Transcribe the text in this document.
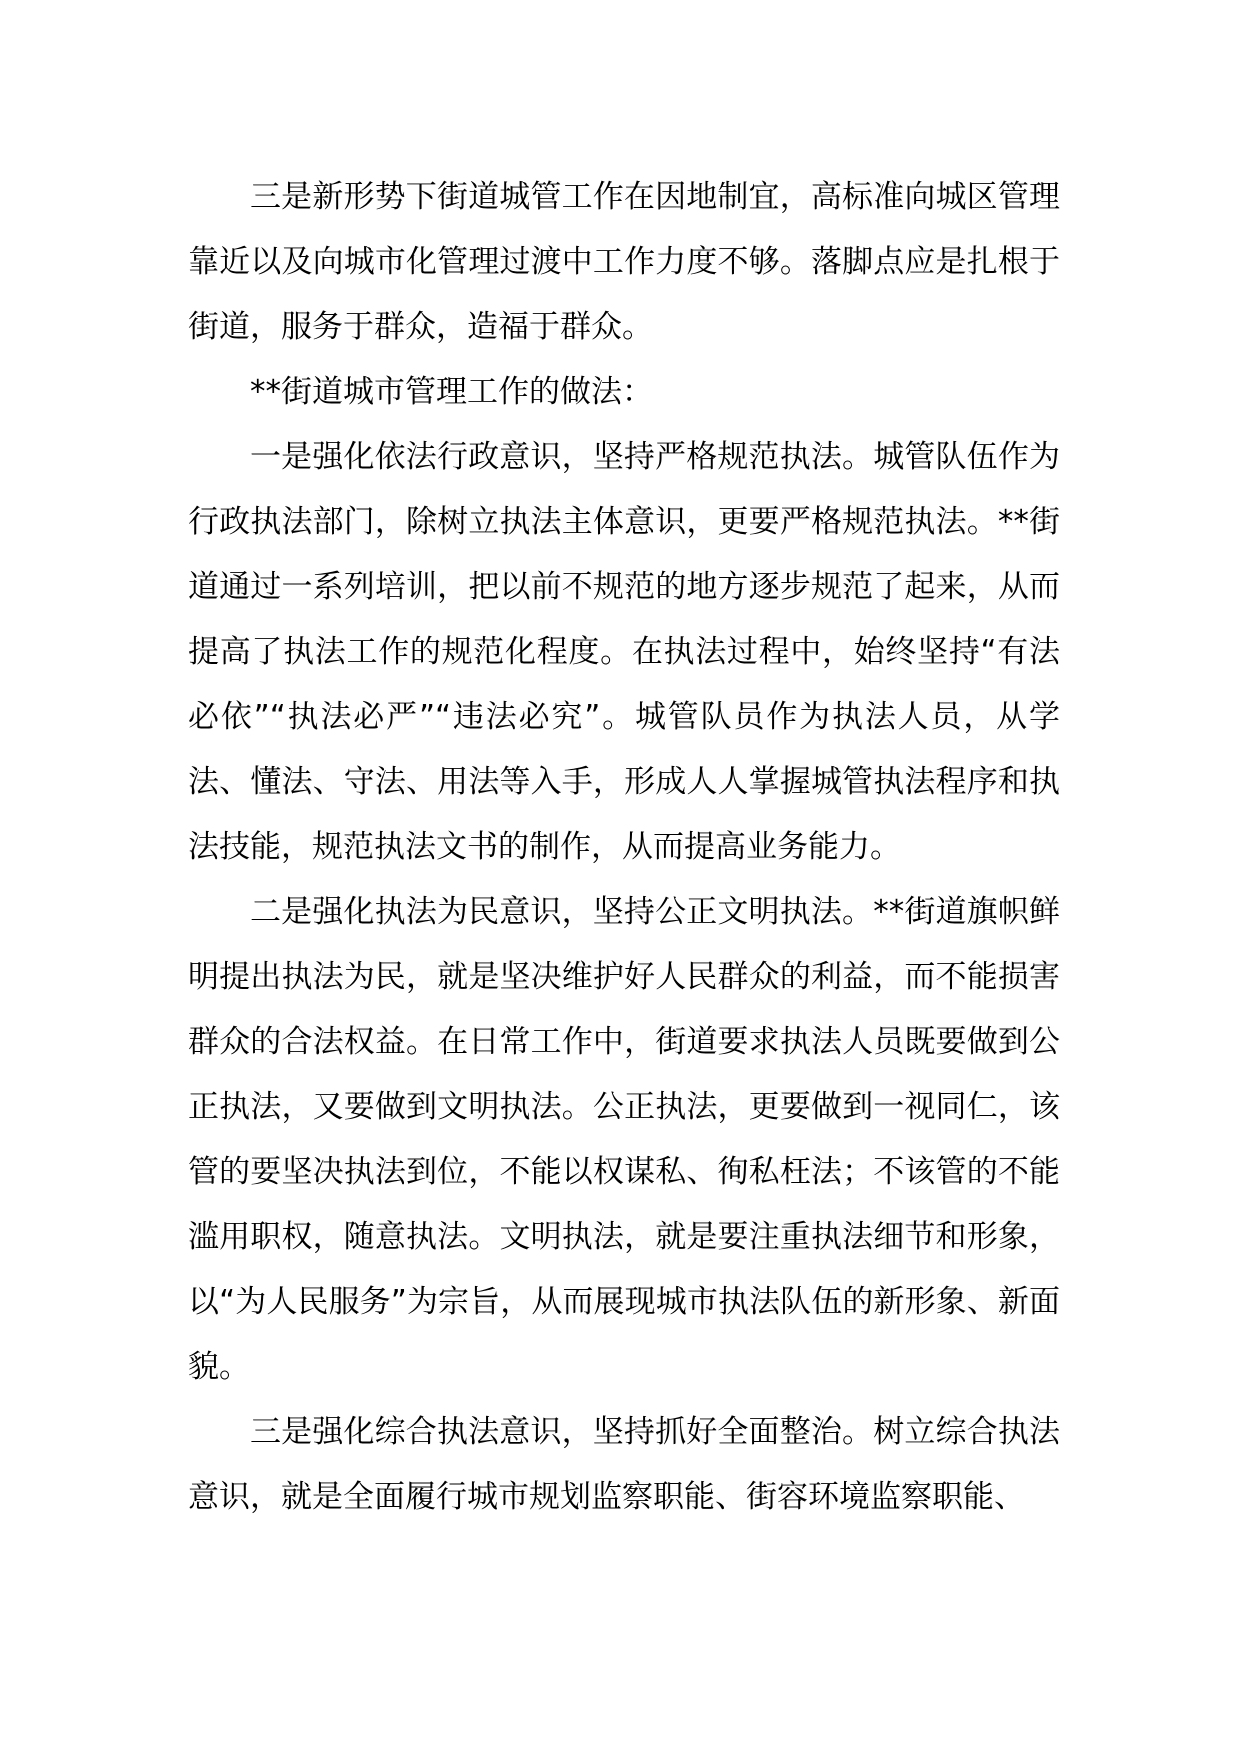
三是新形势下街道城管工作在因地制宜，高标准向城区管理靠近以及向城市化管理过渡中工作力度不够。落脚点应是扎根于街道，服务于群众，造福于群众。

**街道城市管理工作的做法：

一是强化依法行政意识，坚持严格规范执法。城管队伍作为行政执法部门，除树立执法主体意识，更要严格规范执法。**街道通过一系列培训，把以前不规范的地方逐步规范了起来，从而提高了执法工作的规范化程度。在执法过程中，始终坚持“有法必依”“执法必严”“违法必究”。城管队员作为执法人员，从学法、懂法、守法、用法等入手，形成人人掌握城管执法程序和执法技能，规范执法文书的制作，从而提高业务能力。

二是强化执法为民意识，坚持公正文明执法。**街道旗帜鲜明提出执法为民，就是坚决维护好人民群众的利益，而不能损害群众的合法权益。在日常工作中，街道要求执法人员既要做到公正执法，又要做到文明执法。公正执法，更要做到一视同仁，该管的要坚决执法到位，不能以权谋私、徇私枉法；不该管的不能滥用职权，随意执法。文明执法，就是要注重执法细节和形象，以“为人民服务”为宗旨，从而展现城市执法队伍的新形象、新面貌。

三是强化综合执法意识，坚持抓好全面整治。树立综合执法意识，就是全面履行城市规划监察职能、街容环境监察职能、
